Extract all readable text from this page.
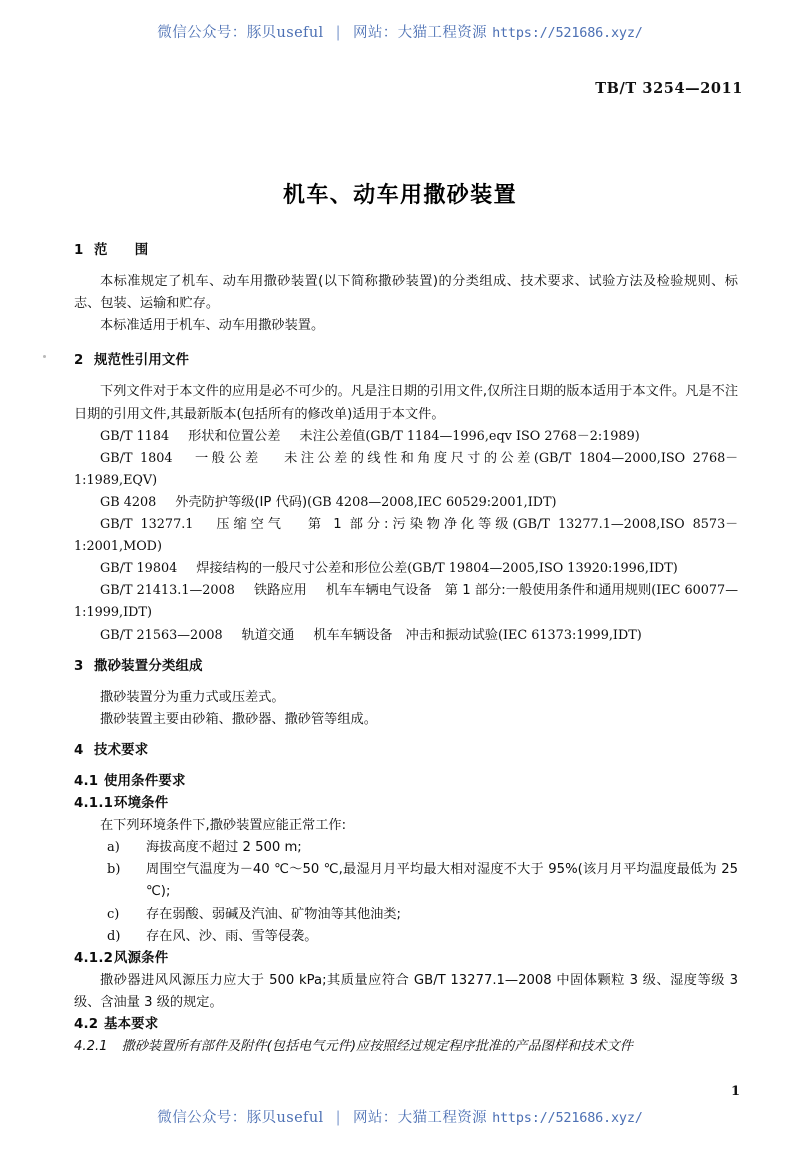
微信公众号：豚贝useful | 网站：大猫工程资源 https://521686.xyz/
TB/T 3254—2011
机车、动车用撒砂装置
1 范　　围

本标准规定了机车、动车用撒砂装置(以下简称撒砂装置)的分类组成、技术要求、试验方法及检验规则、标志、包装、运输和贮存。

本标准适用于机车、动车用撒砂装置。

2 规范性引用文件

下列文件对于本文件的应用是必不可少的。凡是注日期的引用文件,仅所注日期的版本适用于本文件。凡是不注日期的引用文件,其最新版本(包括所有的修改单)适用于本文件。

GB/T 1184 形状和位置公差 未注公差值(GB/T 1184—1996,eqv ISO 2768－2:1989)

GB/T 1804 一般公差 未注公差的线性和角度尺寸的公差(GB/T 1804—2000,ISO 2768－1:1989,EQV)

GB 4208 外壳防护等级(IP 代码)(GB 4208—2008,IEC 60529:2001,IDT)

GB/T 13277.1 压缩空气 第 1 部分:污染物净化等级(GB/T 13277.1—2008,ISO 8573－1:2001,MOD)

GB/T 19804 焊接结构的一般尺寸公差和形位公差(GB/T 19804—2005,ISO 13920:1996,IDT)

GB/T 21413.1—2008 铁路应用 机车车辆电气设备　第 1 部分:一般使用条件和通用规则(IEC 60077—1:1999,IDT)

GB/T 21563—2008 轨道交通 机车车辆设备　冲击和振动试验(IEC 61373:1999,IDT)

3 撒砂装置分类组成

撒砂装置分为重力式或压差式。

撒砂装置主要由砂箱、撒砂器、撒砂管等组成。

4 技术要求
4.1 使用条件要求
4.1.1环境条件

在下列环境条件下,撒砂装置应能正常工作:

a) 海拔高度不超过 2 500 m;
b) 周围空气温度为－40 ℃～50 ℃,最湿月月平均最大相对湿度不大于 95%(该月月平均温度最低为 25 ℃);
c) 存在弱酸、弱碱及汽油、矿物油等其他油类;
d) 存在风、沙、雨、雪等侵袭。
4.1.2风源条件

撒砂器进风风源压力应大于 500 kPa;其质量应符合 GB/T 13277.1—2008 中固体颗粒 3 级、湿度等级 3 级、含油量 3 级的规定。

4.2 基本要求

4.2.1 撒砂装置所有部件及附件(包括电气元件)应按照经过规定程序批准的产品图样和技术文件

1
微信公众号：豚贝useful | 网站：大猫工程资源 https://521686.xyz/
